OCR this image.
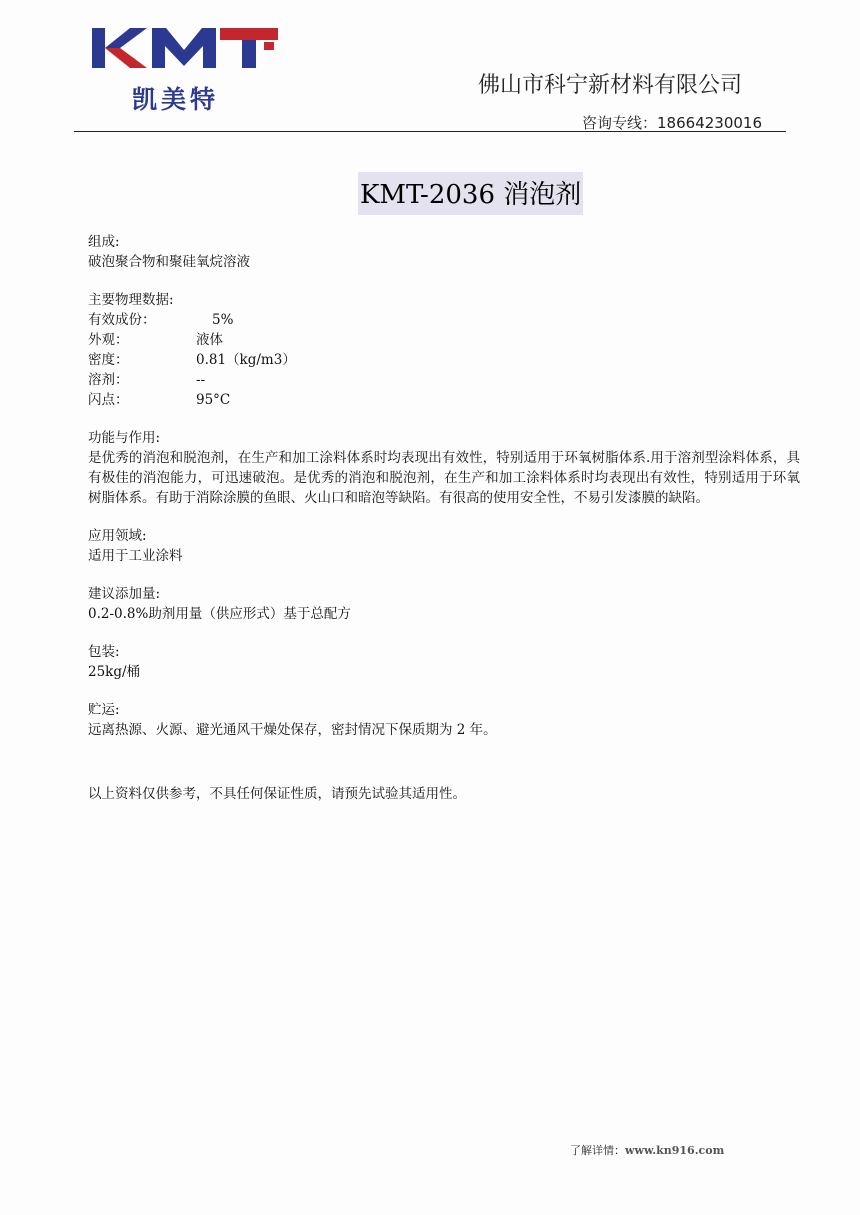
凯美特	佛山市科宁新材料有限公司
咨询专线：18664230016
KMT-2036 消泡剂

组成:

破泡聚合物和聚硅氧烷溶液

主要物理数据:

有效成份：	5%
外观：	液体
密度：	0.81（kg/m3）
溶剂：	--
闪点：	95°C

功能与作用:

是优秀的消泡和脱泡剂，在生产和加工涂料体系时均表现出有效性，特别适用于环氧树脂体系.用于溶剂型涂料体系，具有极佳的消泡能力，可迅速破泡。是优秀的消泡和脱泡剂，在生产和加工涂料体系时均表现出有效性，特别适用于环氧树脂体系。有助于消除涂膜的鱼眼、火山口和暗泡等缺陷。有很高的使用安全性，不易引发漆膜的缺陷。

应用领域:

适用于工业涂料

建议添加量:

0.2-0.8%助剂用量（供应形式）基于总配方

包装:

25kg/桶

贮运:

远离热源、火源、避光通风干燥处保存，密封情况下保质期为 2 年。

以上资料仅供参考，不具任何保证性质，请预先试验其适用性。

了解详情：www.kn916.com
